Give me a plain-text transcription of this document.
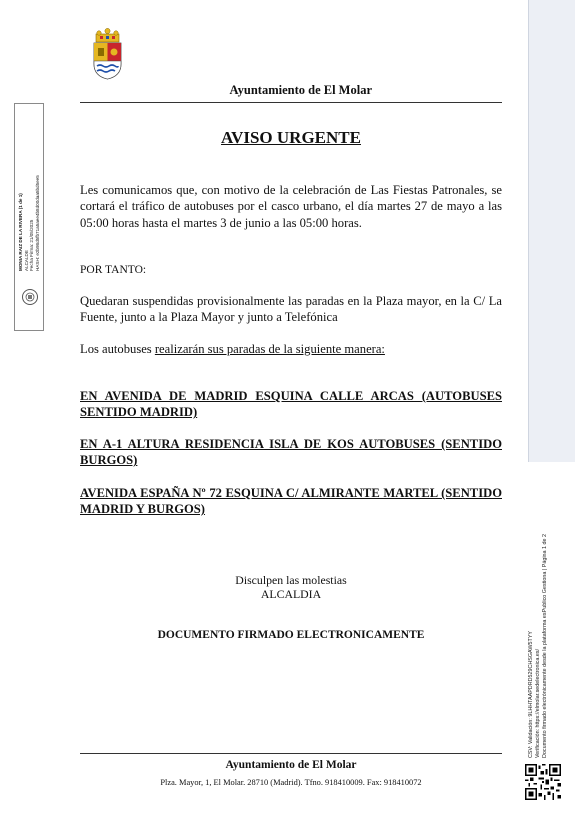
Ayuntamiento de El Molar
AVISO URGENTE
Les comunicamos que, con motivo de la celebración de Las Fiestas Patronales, se cortará el tráfico de autobuses por el casco urbano, el día martes 27 de mayo a las 05:00 horas hasta el martes 3 de junio a las 05:00 horas.
POR TANTO:
Quedaran suspendidas provisionalmente las paradas en la Plaza mayor, en la C/ La Fuente, junto a la Plaza Mayor y junto a Telefónica
Los autobuses realizarán sus paradas de la siguiente manera:
EN AVENIDA DE MADRID ESQUINA CALLE ARCAS (AUTOBUSES SENTIDO MADRID)
EN A-1 ALTURA RESIDENCIA ISLA DE KOS AUTOBUSES (SENTIDO BURGOS)
AVENIDA ESPAÑA Nº 72 ESQUINA C/ ALMIRANTE MARTEL (SENTIDO MADRID Y BURGOS)
Disculpen las molestias
ALCALDIA
DOCUMENTO FIRMADO ELECTRONICAMENTE
Ayuntamiento de El Molar
Plza. Mayor, 1, El Molar. 28710 (Madrid). Tfno. 918410009. Fax: 918410072
MONIA RAIZ DE LA RIVERA (1 de 1) ALCALDE Fecha Firma: 21/05/2025 HASH: e2b98d5fb71a5aee4b8d00daa5bd5ee5
CSV: Validación: 9LHHTAAPDRD529CHSGAW5TYY Verificación: https://elmolar.sedelectronica.es/ Documento firmado electrónicamente desde la plataforma esPublico Gestiona | Página 1 de 2
